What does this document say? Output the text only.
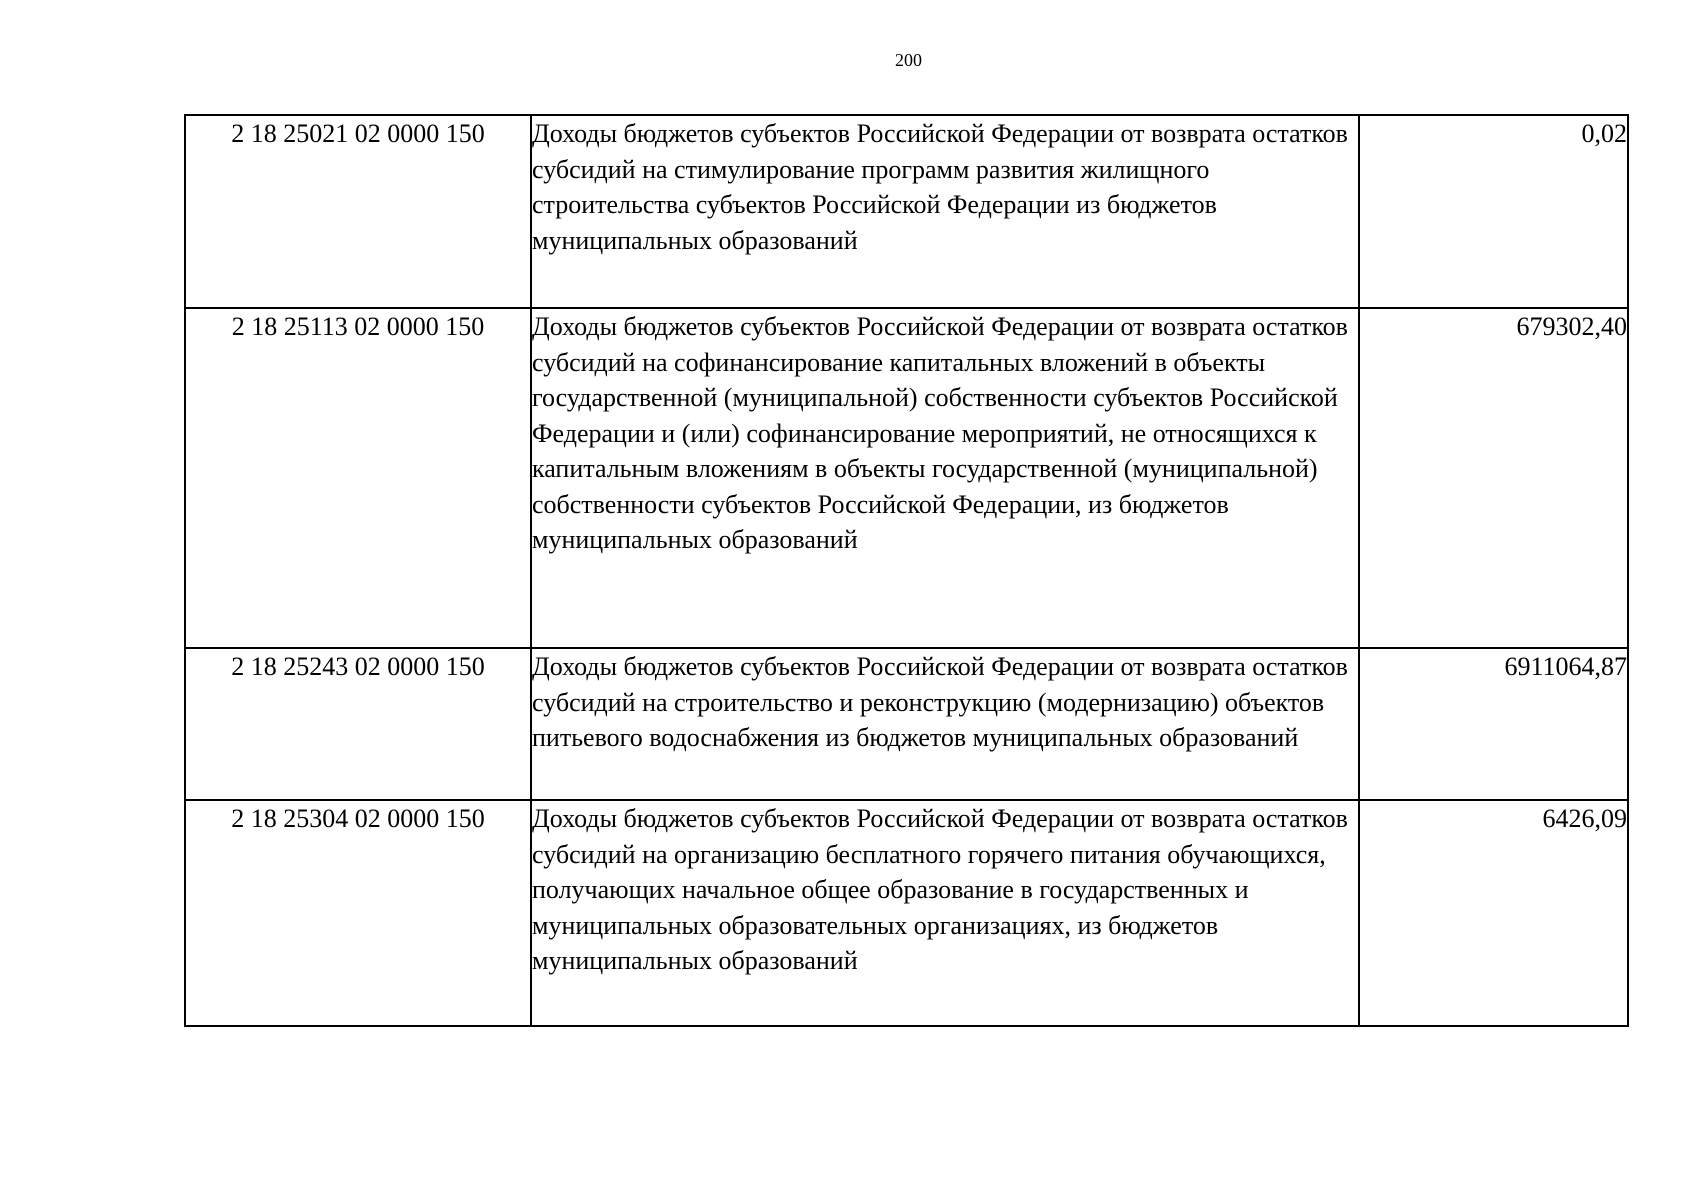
200
2 18 25021 02 0000 150	Доходы бюджетов субъектов Российской Федерации от возврата остатков субсидий на стимулирование программ развития жилищного строительства субъектов Российской Федерации из бюджетов муниципальных образований	0,02
2 18 25113 02 0000 150	Доходы бюджетов субъектов Российской Федерации от возврата остатков субсидий на софинансирование капитальных вложений в объекты государственной (муниципальной) собственности субъектов Российской Федерации и (или) софинансирование мероприятий, не относящихся к капитальным вложениям в объекты государственной (муниципальной) собственности субъектов Российской Федерации, из бюджетов муниципальных образований	679302,40
2 18 25243 02 0000 150	Доходы бюджетов субъектов Российской Федерации от возврата остатков субсидий на строительство и реконструкцию (модернизацию) объектов питьевого водоснабжения из бюджетов муниципальных образований	6911064,87
2 18 25304 02 0000 150	Доходы бюджетов субъектов Российской Федерации от возврата остатков субсидий на организацию бесплатного горячего питания обучающихся, получающих начальное общее образование в государственных и муниципальных образовательных организациях, из бюджетов муниципальных образований	6426,09
